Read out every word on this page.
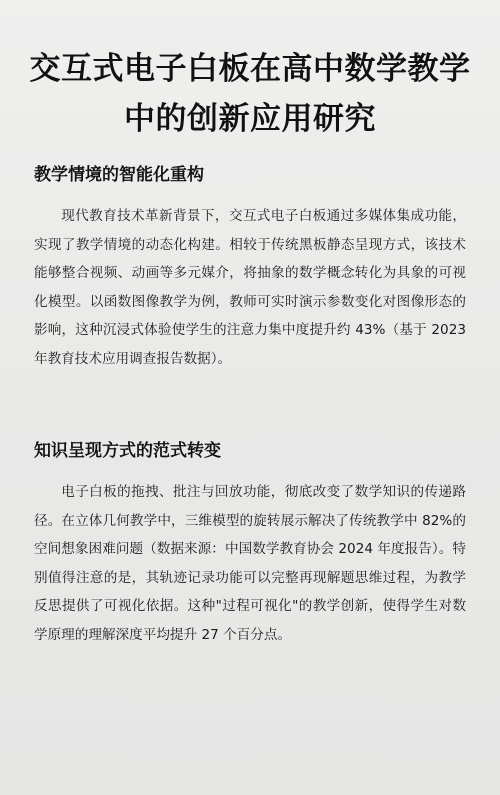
交互式电子白板在高中数学教学中的创新应用研究
教学情境的智能化重构

现代教育技术革新背景下，交互式电子白板通过多媒体集成功能，实现了教学情境的动态化构建。相较于传统黑板静态呈现方式，该技术能够整合视频、动画等多元媒介，将抽象的数学概念转化为具象的可视化模型。以函数图像教学为例，教师可实时演示参数变化对图像形态的影响，这种沉浸式体验使学生的注意力集中度提升约 43%（基于 2023 年教育技术应用调查报告数据）。

知识呈现方式的范式转变

电子白板的拖拽、批注与回放功能，彻底改变了数学知识的传递路径。在立体几何教学中，三维模型的旋转展示解决了传统教学中 82%的空间想象困难问题（数据来源：中国数学教育协会 2024 年度报告）。特别值得注意的是，其轨迹记录功能可以完整再现解题思维过程，为教学反思提供了可视化依据。这种"过程可视化"的教学创新，使得学生对数学原理的理解深度平均提升 27 个百分点。
